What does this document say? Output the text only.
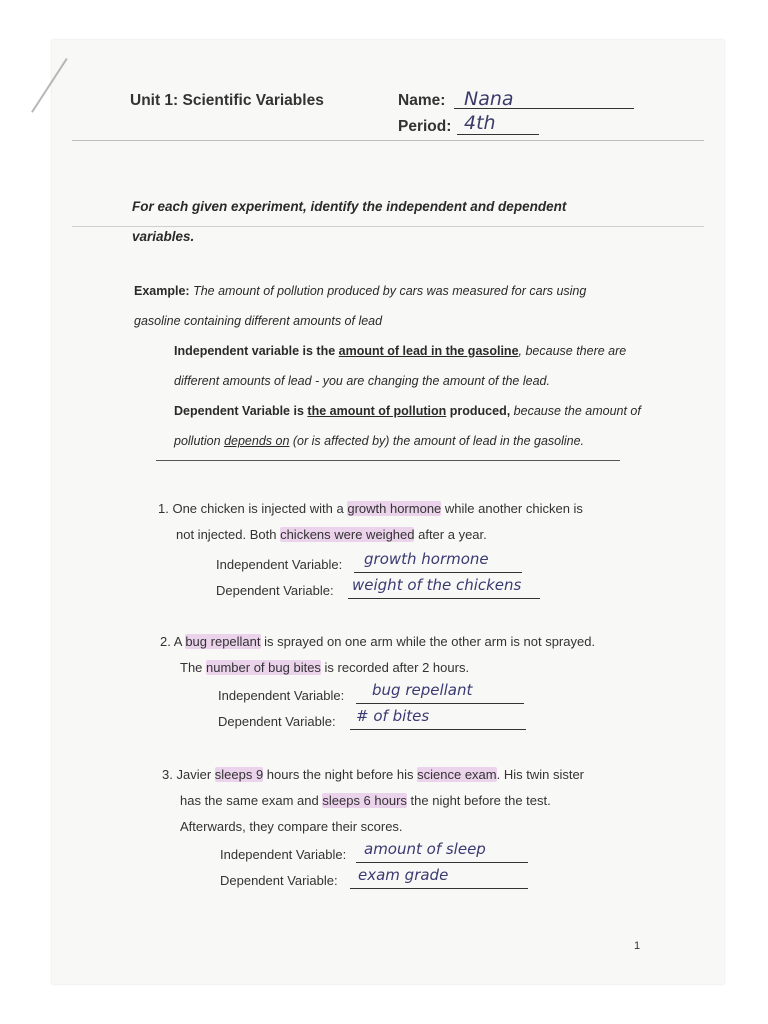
Unit 1: Scientific Variables	Name: Nana
Period: 4th
For each given experiment, identify the independent and dependent variables.
Example: The amount of pollution produced by cars was measured for cars using
gasoline containing different amounts of lead
Independent variable is the amount of lead in the gasoline, because there are
different amounts of lead - you are changing the amount of the lead.
Dependent Variable is the amount of pollution produced, because the amount of
pollution depends on (or is affected by) the amount of lead in the gasoline.
1. One chicken is injected with a growth hormone while another chicken is
not injected. Both chickens were weighed after a year.
Independent Variable: growth hormone
Dependent Variable: weight of the chickens
2. A bug repellant is sprayed on one arm while the other arm is not sprayed.
The number of bug bites is recorded after 2 hours.
Independent Variable: bug repellant
Dependent Variable: # of bites
3. Javier sleeps 9 hours the night before his science exam. His twin sister
has the same exam and sleeps 6 hours the night before the test.
Afterwards, they compare their scores.
Independent Variable: amount of sleep
Dependent Variable: exam grade
1
